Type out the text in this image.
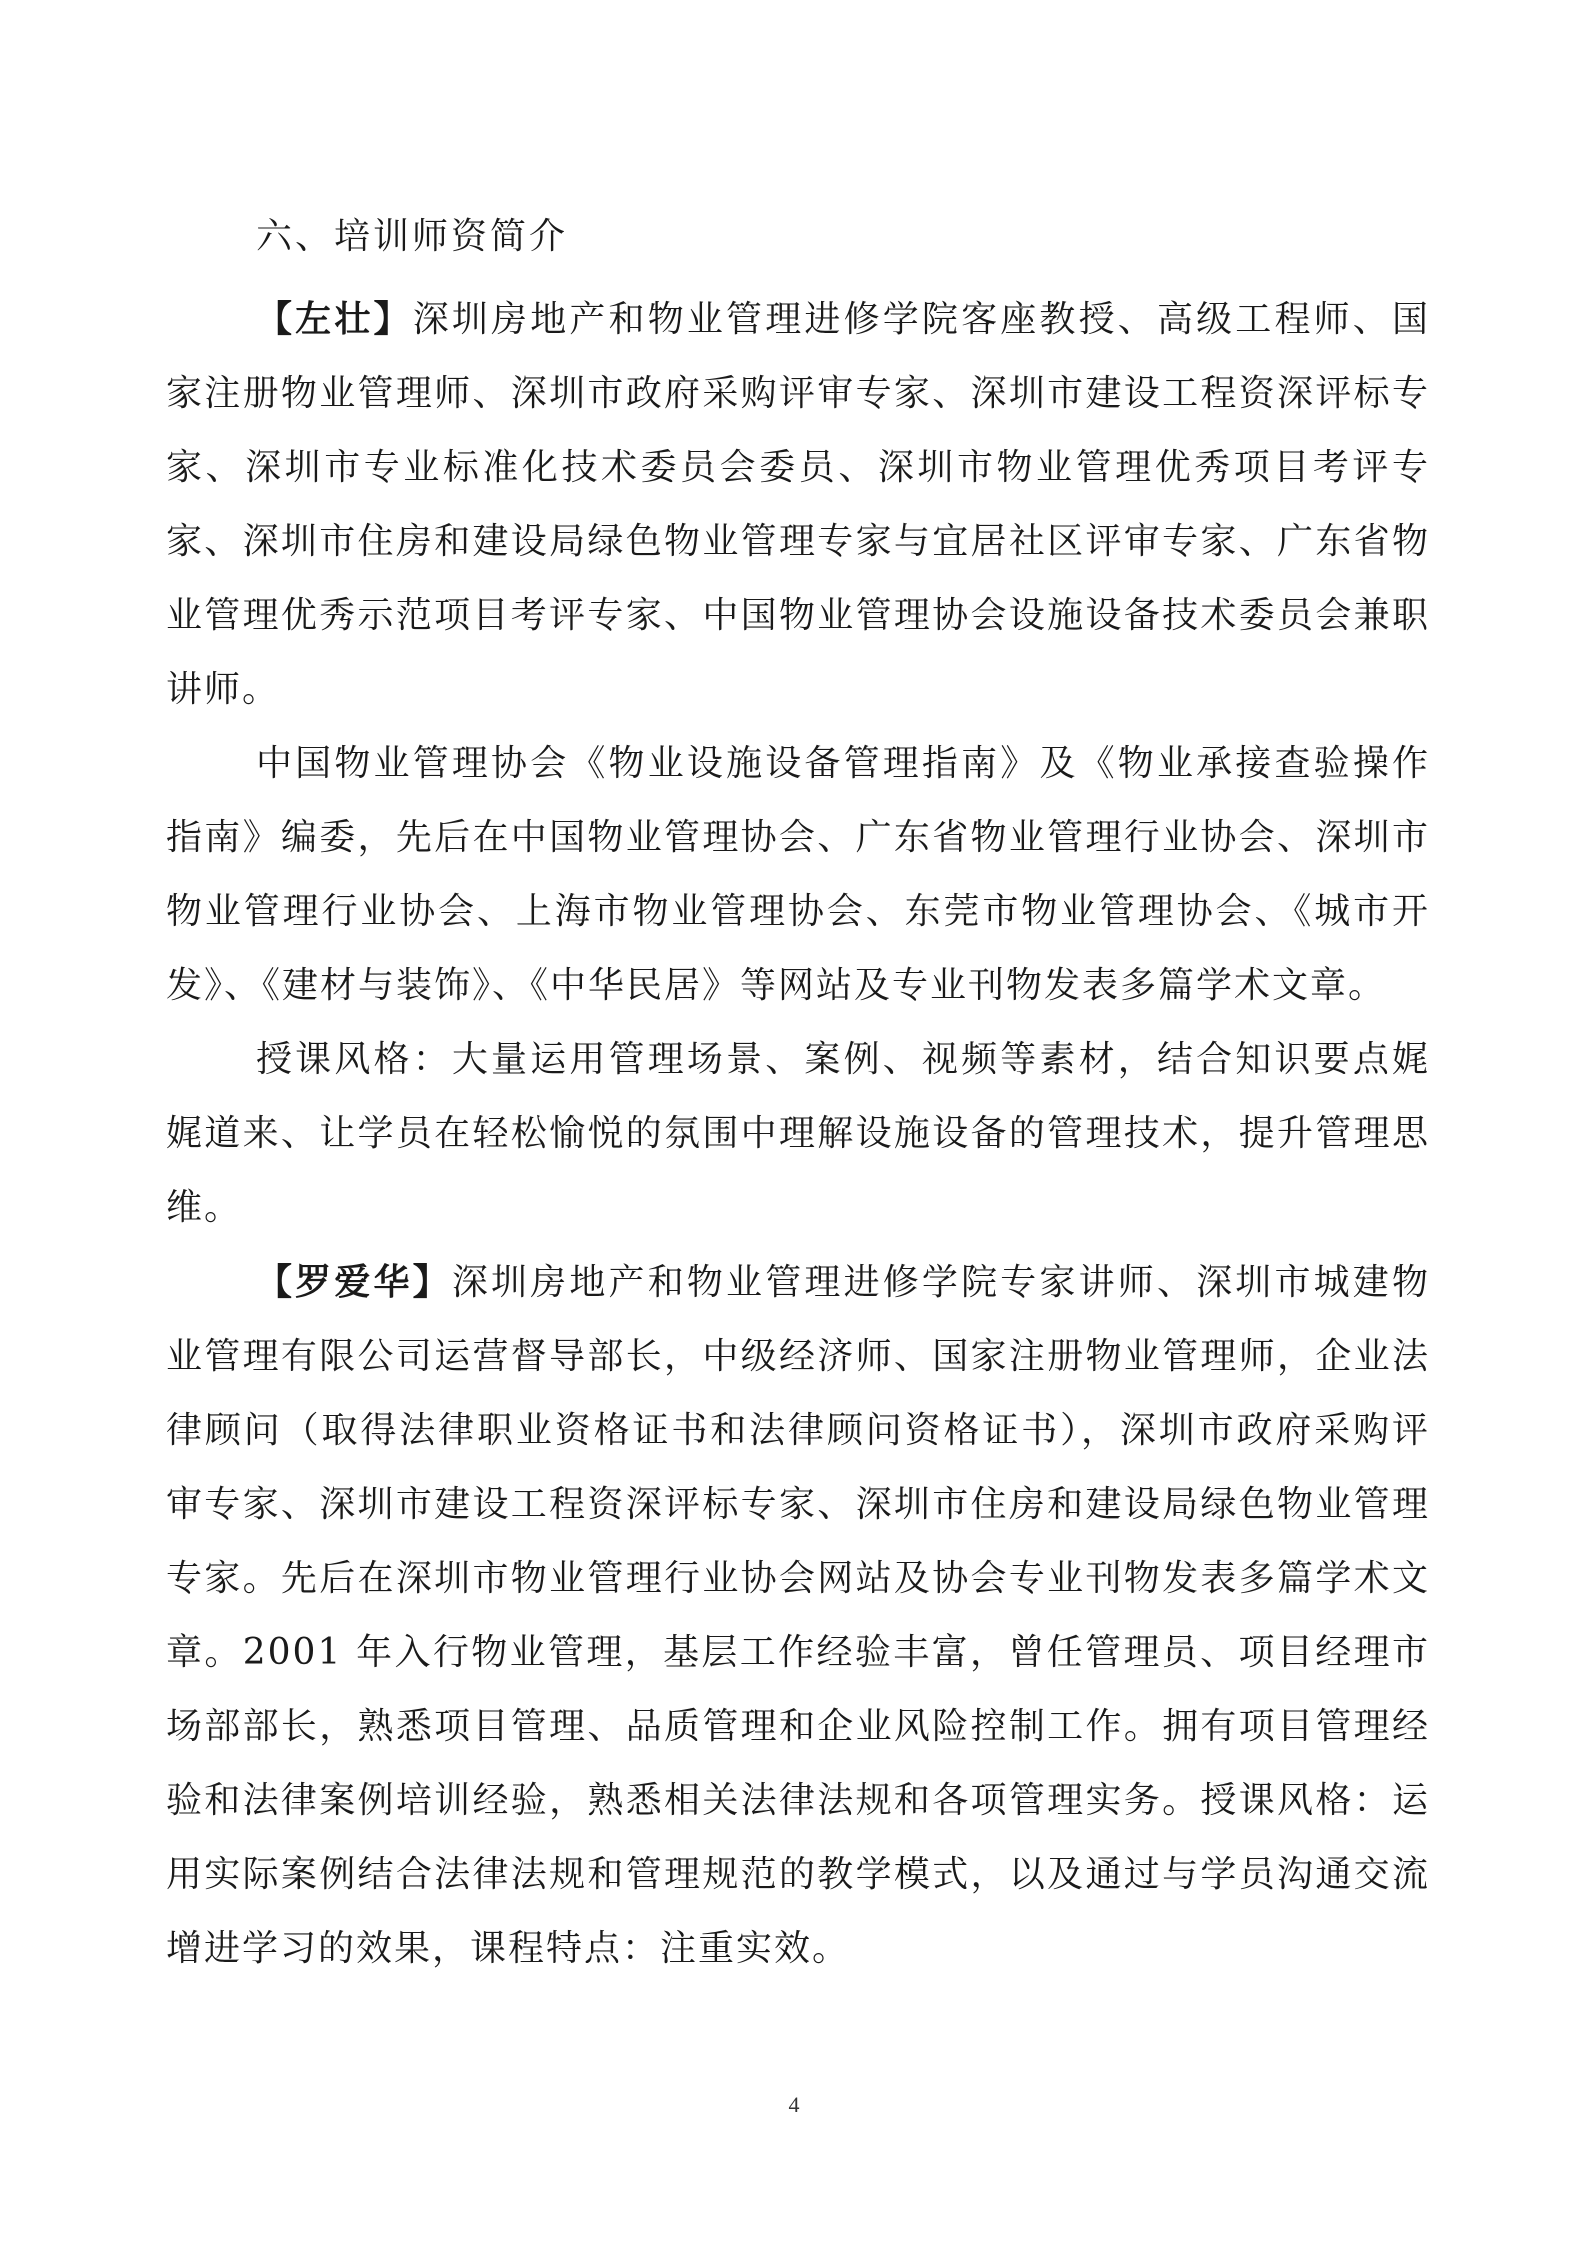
六、培训师资简介

【左壮】深圳房地产和物业管理进修学院客座教授、高级工程师、国家注册物业管理师、深圳市政府采购评审专家、深圳市建设工程资深评标专家、深圳市专业标准化技术委员会委员、深圳市物业管理优秀项目考评专家、深圳市住房和建设局绿色物业管理专家与宜居社区评审专家、广东省物业管理优秀示范项目考评专家、中国物业管理协会设施设备技术委员会兼职讲师。

中国物业管理协会《物业设施设备管理指南》及《物业承接查验操作指南》编委，先后在中国物业管理协会、广东省物业管理行业协会、深圳市物业管理行业协会、上海市物业管理协会、东莞市物业管理协会、《城市开发》、《建材与装饰》、《中华民居》等网站及专业刊物发表多篇学术文章。

授课风格：大量运用管理场景、案例、视频等素材，结合知识要点娓娓道来、让学员在轻松愉悦的氛围中理解设施设备的管理技术，提升管理思维。

【罗爱华】深圳房地产和物业管理进修学院专家讲师、深圳市城建物业管理有限公司运营督导部长，中级经济师、国家注册物业管理师，企业法律顾问（取得法律职业资格证书和法律顾问资格证书），深圳市政府采购评审专家、深圳市建设工程资深评标专家、深圳市住房和建设局绿色物业管理专家。先后在深圳市物业管理行业协会网站及协会专业刊物发表多篇学术文章。2001 年入行物业管理，基层工作经验丰富，曾任管理员、项目经理市场部部长，熟悉项目管理、品质管理和企业风险控制工作。拥有项目管理经验和法律案例培训经验，熟悉相关法律法规和各项管理实务。授课风格：运用实际案例结合法律法规和管理规范的教学模式，以及通过与学员沟通交流增进学习的效果，课程特点：注重实效。

4
